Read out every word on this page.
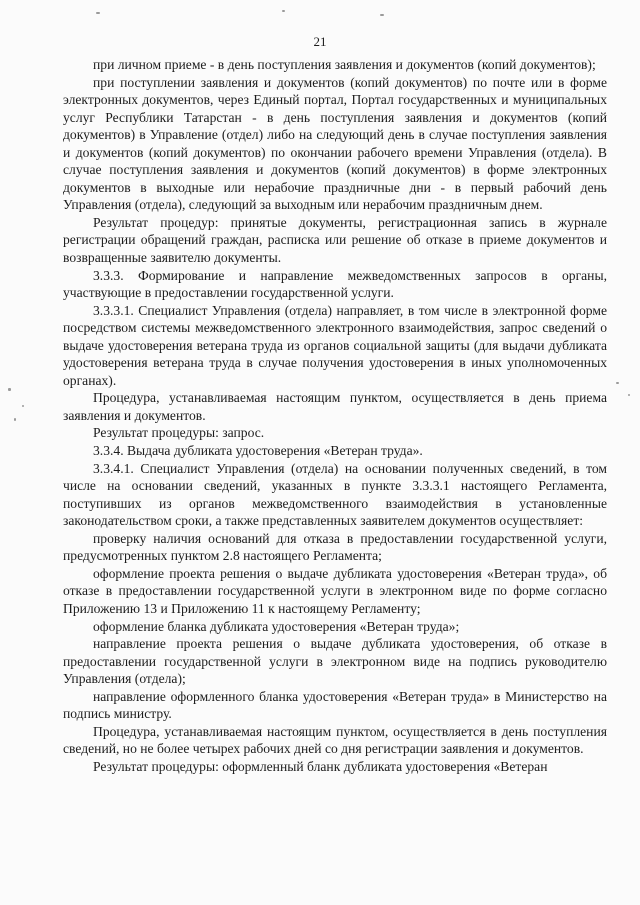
21

при личном приеме - в день поступления заявления и документов (копий документов);

при поступлении заявления и документов (копий документов) по почте или в форме электронных документов, через Единый портал, Портал государственных и муниципальных услуг Республики Татарстан - в день поступления заявления и документов (копий документов) в Управление (отдел) либо на следующий день в случае поступления заявления и документов (копий документов) по окончании рабочего времени Управления (отдела). В случае поступления заявления и документов (копий документов) в форме электронных документов в выходные или нерабочие праздничные дни - в первый рабочий день Управления (отдела), следующий за выходным или нерабочим праздничным днем.

Результат процедур: принятые документы, регистрационная запись в журнале регистрации обращений граждан, расписка или решение об отказе в приеме документов и возвращенные заявителю документы.

3.3.3. Формирование и направление межведомственных запросов в органы, участвующие в предоставлении государственной услуги.

3.3.3.1. Специалист Управления (отдела) направляет, в том числе в электронной форме посредством системы межведомственного электронного взаимодействия, запрос сведений о выдаче удостоверения ветерана труда из органов социальной защиты (для выдачи дубликата удостоверения ветерана труда в случае получения удостоверения в иных уполномоченных органах).

Процедура, устанавливаемая настоящим пунктом, осуществляется в день приема заявления и документов.

Результат процедуры: запрос.

3.3.4. Выдача дубликата удостоверения «Ветеран труда».

3.3.4.1. Специалист Управления (отдела) на основании полученных сведений, в том числе на основании сведений, указанных в пункте 3.3.3.1 настоящего Регламента, поступивших из органов межведомственного взаимодействия в установленные законодательством сроки, а также представленных заявителем документов осуществляет:

проверку наличия оснований для отказа в предоставлении государственной услуги, предусмотренных пунктом 2.8 настоящего Регламента;

оформление проекта решения о выдаче дубликата удостоверения «Ветеран труда», об отказе в предоставлении государственной услуги в электронном виде по форме согласно Приложению 13 и Приложению 11 к настоящему Регламенту;

оформление бланка дубликата удостоверения «Ветеран труда»;

направление проекта решения о выдаче дубликата удостоверения, об отказе в предоставлении государственной услуги в электронном виде на подпись руководителю Управления (отдела);

направление оформленного бланка удостоверения «Ветеран труда» в Министерство на подпись министру.

Процедура, устанавливаемая настоящим пунктом, осуществляется в день поступления сведений, но не более четырех рабочих дней со дня регистрации заявления и документов.

Результат процедуры: оформленный бланк дубликата удостоверения «Ветеран
